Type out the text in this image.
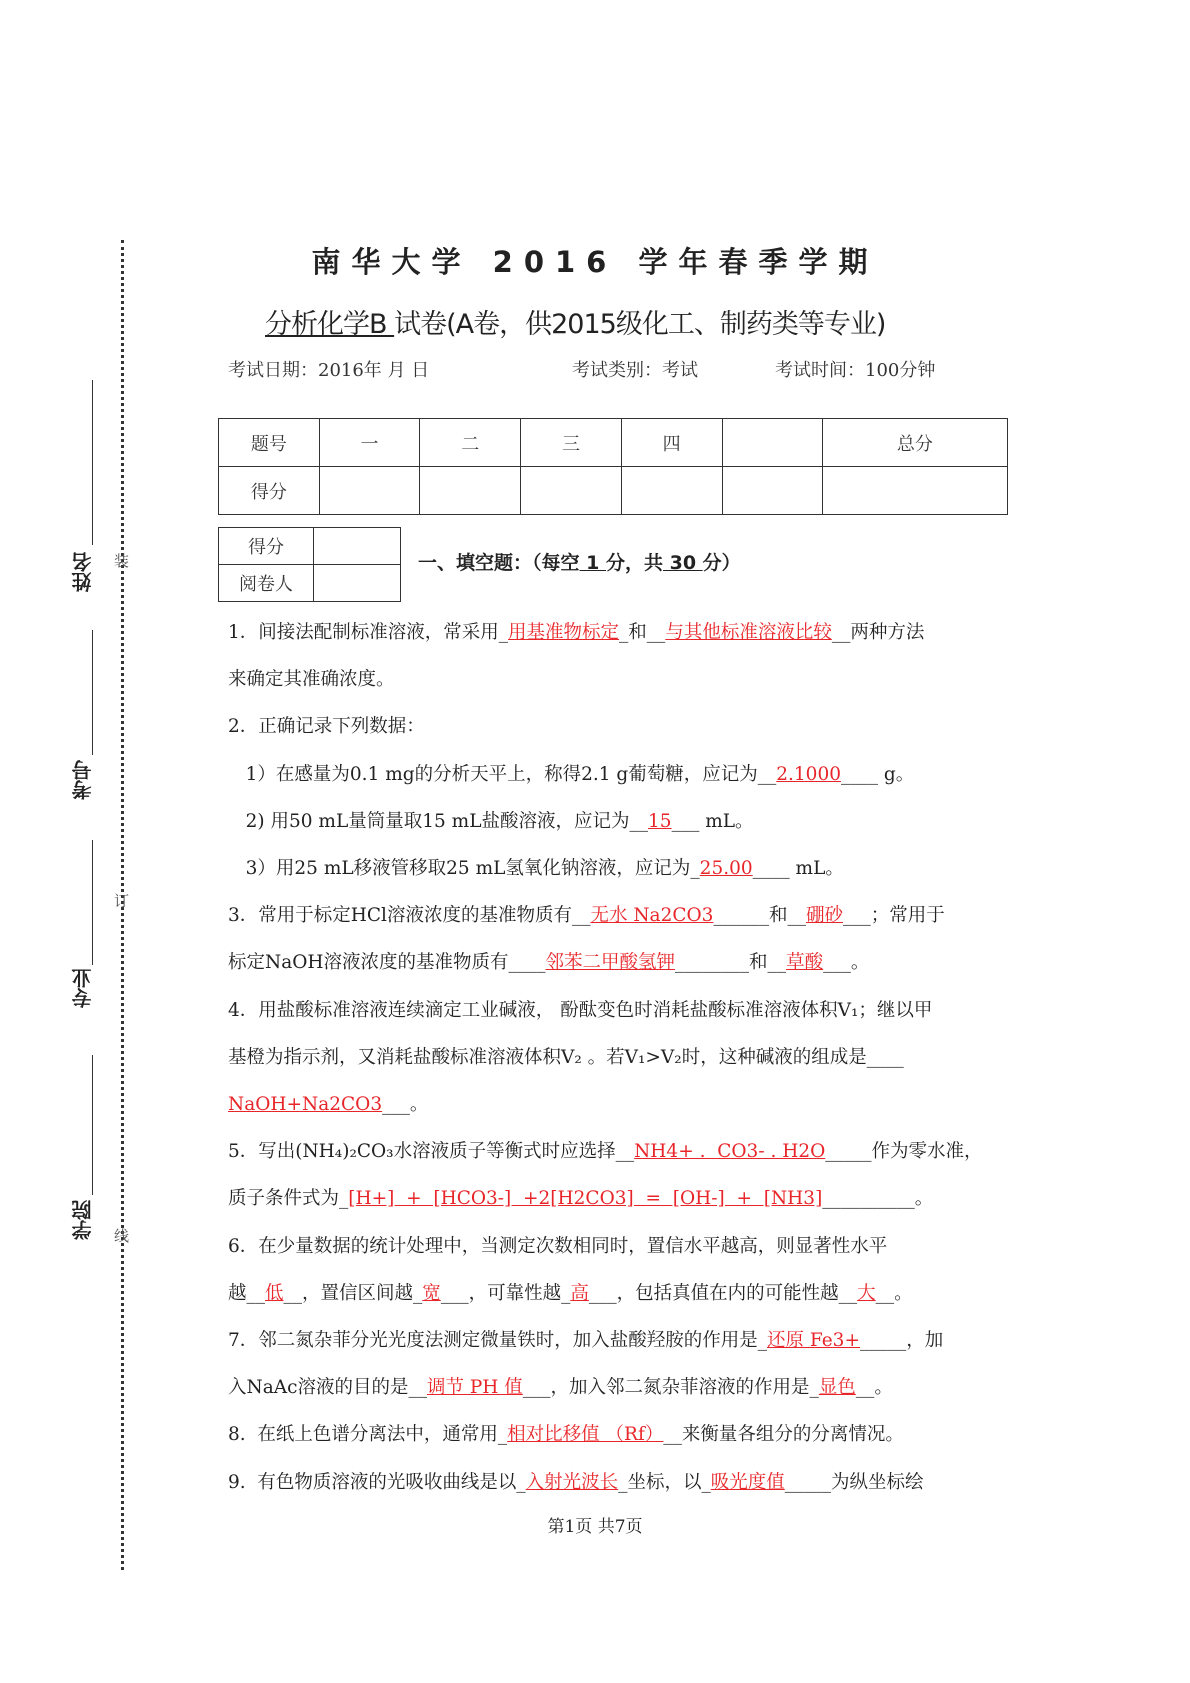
姓名
考号
专业
学院
装
订
线
南华大学 2016 学年春季学期
分析化学B 试卷(A卷，供2015级化工、制药类等专业)
考试日期：2016年 月 日	考试类别：考试	考试时间：100分钟
题号	一	二	三	四		总分
得分						
得分	
阅卷人	
一、填空题：（每空 1 分，共 30 分）
1．间接法配制标准溶液，常采用_用基准物标定_和__与其他标准溶液比较__两种方法
来确定其准确浓度。
2．正确记录下列数据：
1）在感量为0.1 mg的分析天平上，称得2.1 g葡萄糖，应记为__2.1000____ g。
2) 用50 mL量筒量取15 mL盐酸溶液，应记为__15___ mL。
3）用25 mL移液管移取25 mL氢氧化钠溶液，应记为_25.00____ mL。
3．常用于标定HCl溶液浓度的基准物质有__无水 Na2CO3______和__硼砂___；常用于
标定NaOH溶液浓度的基准物质有____邻苯二甲酸氢钾________和__草酸___。
4．用盐酸标准溶液连续滴定工业碱液， 酚酞变色时消耗盐酸标准溶液体积V₁；继以甲
基橙为指示剂，又消耗盐酸标准溶液体积V₂ 。若V₁>V₂时，这种碱液的组成是____
NaOH+Na2CO3___。
5．写出(NH₄)₂CO₃水溶液质子等衡式时应选择__NH4+ .  CO3- . H2O_____作为零水准，
质子条件式为_[H+]  +  [HCO3-]  +2[H2CO3]  =  [OH-]  +  [NH3]__________。
6．在少量数据的统计处理中，当测定次数相同时，置信水平越高，则显著性水平
越__低__，置信区间越_宽___，可靠性越_高___，包括真值在内的可能性越__大__。
7．邻二氮杂菲分光光度法测定微量铁时，加入盐酸羟胺的作用是_还原 Fe3+_____，加
入NaAc溶液的目的是__调节 PH 值___，加入邻二氮杂菲溶液的作用是_显色__。
8.  在纸上色谱分离法中，通常用_相对比移值 （Rf）__来衡量各组分的分离情况。
9.  有色物质溶液的光吸收曲线是以_入射光波长_坐标，以_吸光度值_____为纵坐标绘
第1页 共7页
